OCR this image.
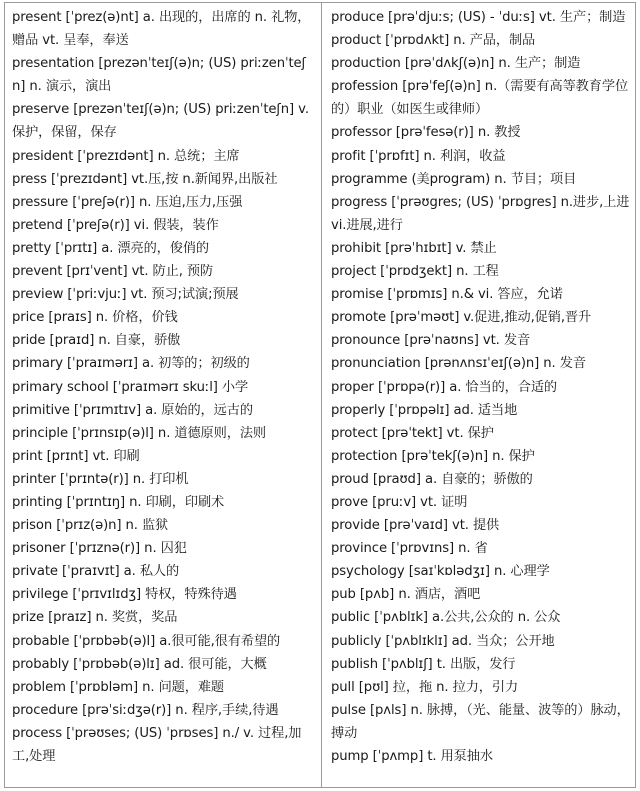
present [ˈprez(ə)nt] a. 出现的，出席的 n. 礼物，赠品 vt. 呈奉，奉送

presentation [prezənˈteɪʃ(ə)n; (US) priːzenˈteʃn] n. 演示，演出

preserve [prezənˈteɪʃ(ə)n; (US) priːzenˈteʃn] v.保护，保留，保存

president [ˈprezɪdənt] n. 总统；主席

press [ˈprezɪdənt] vt.压,按 n.新闻界,出版社

pressure [ˈpreʃə(r)] n. 压迫,压力,压强

pretend [ˈpreʃə(r)] vi. 假装，装作

pretty [ˈprɪtɪ] a. 漂亮的，俊俏的

prevent [prɪˈvent] vt. 防止, 预防

preview [ˈpriːvjuː] vt. 预习;试演;预展

price [praɪs] n. 价格，价钱

pride [praɪd] n. 自豪，骄傲

primary [ˈpraɪmərɪ] a. 初等的；初级的

primary school [ˈpraɪmərɪ skuːl] 小学

primitive [ˈprɪmɪtɪv] a. 原始的，远古的

principle [ˈprɪnsɪp(ə)l] n. 道德原则，法则

print [prɪnt] vt. 印刷

printer [ˈprɪntə(r)] n. 打印机

printing [ˈprɪntɪŋ] n. 印刷，印刷术

prison [ˈprɪz(ə)n] n. 监狱

prisoner [ˈprɪznə(r)] n. 囚犯

private [ˈpraɪvɪt] a. 私人的

privilege [ˈprɪvɪlɪdʒ] 特权，特殊待遇

prize [praɪz] n. 奖赏，奖品

probable [ˈprɒbəb(ə)l] a.很可能,很有希望的

probably [ˈprɒbəb(ə)lɪ] ad. 很可能，大概

problem [ˈprɒbləm] n. 问题，难题

procedure [prəˈsiːdʒə(r)] n. 程序,手续,待遇

process [ˈprəʊses; (US) ˈprɒses] n./ v. 过程,加工,处理

produce [prəˈdjuːs; (US) - ˈduːs] vt. 生产；制造

product [ˈprɒdʌkt] n. 产品，制品

production [prəˈdʌkʃ(ə)n] n. 生产；制造

profession [prəˈfeʃ(ə)n] n.（需要有高等教育学位的）职业（如医生或律师）

professor [prəˈfesə(r)] n. 教授

profit [ˈprɒfɪt] n. 利润，收益

programme (美program) n. 节目；项目

progress [ˈprəʊgres; (US) ˈprɒgres] n.进步,上进vi.进展,进行

prohibit [prəˈhɪbɪt] v. 禁止

project [ˈprɒdʒekt] n. 工程

promise [ˈprɒmɪs] n.& vi. 答应，允诺

promote [prəˈməʊt] v.促进,推动,促销,晋升

pronounce [prəˈnaʊns] vt. 发音

pronunciation [prənʌnsɪˈeɪʃ(ə)n] n. 发音

proper [ˈprɒpə(r)] a. 恰当的，合适的

properly [ˈprɒpəlɪ] ad. 适当地

protect [prəˈtekt] vt. 保护

protection [prəˈtekʃ(ə)n] n. 保护

proud [praʊd] a. 自豪的；骄傲的

prove [pruːv] vt. 证明

provide [prəˈvaɪd] vt. 提供

province [ˈprɒvɪns] n. 省

psychology [saɪˈkɒlədʒɪ] n. 心理学

pub [pʌb] n. 酒店，酒吧

public [ˈpʌblɪk] a.公共,公众的 n. 公众

publicly [ˈpʌblɪklɪ] ad. 当众；公开地

publish [ˈpʌblɪʃ] t. 出版，发行

pull [pʊl] 拉，拖 n. 拉力，引力

pulse [pʌls] n. 脉搏，（光、能量、波等的）脉动，搏动

pump [ˈpʌmp] t. 用泵抽水
